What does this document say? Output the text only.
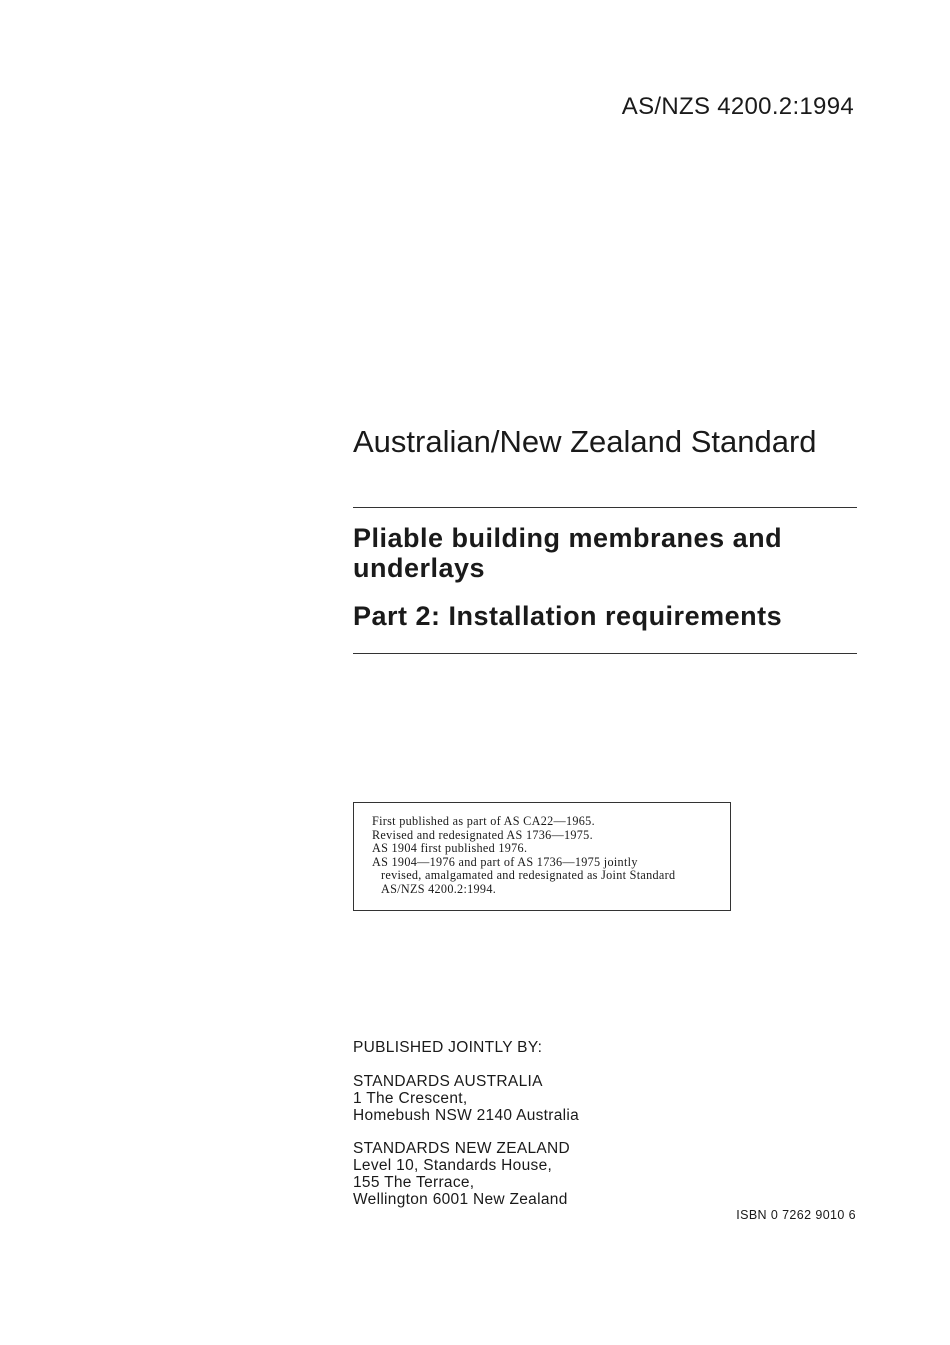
AS/NZS 4200.2:1994
Australian/New Zealand Standard
Pliable building membranes and underlays
Part 2: Installation requirements
First published as part of AS CA22—1965.
Revised and redesignated AS 1736—1975.
AS 1904 first published 1976.
AS 1904—1976 and part of AS 1736—1975 jointly
revised, amalgamated and redesignated as Joint Standard
AS/NZS 4200.2:1994.
PUBLISHED JOINTLY BY:
STANDARDS AUSTRALIA
1 The Crescent,
Homebush NSW 2140 Australia
STANDARDS NEW ZEALAND
Level 10, Standards House,
155 The Terrace,
Wellington 6001 New Zealand
ISBN 0 7262 9010 6
